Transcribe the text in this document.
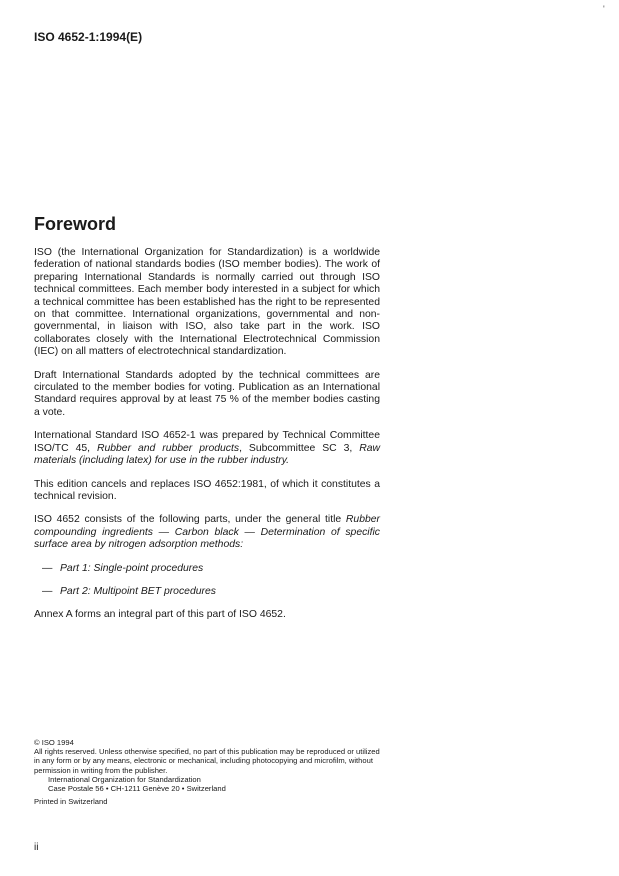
'
ISO 4652-1:1994(E)
Foreword

ISO (the International Organization for Standardization) is a worldwide federation of national standards bodies (ISO member bodies). The work of preparing International Standards is normally carried out through ISO technical committees. Each member body interested in a subject for which a technical committee has been established has the right to be represented on that committee. International organizations, governmental and non-governmental, in liaison with ISO, also take part in the work. ISO collaborates closely with the International Electrotechnical Commission (IEC) on all matters of electrotechnical standardization.

Draft International Standards adopted by the technical committees are circulated to the member bodies for voting. Publication as an International Standard requires approval by at least 75 % of the member bodies casting a vote.

International Standard ISO 4652-1 was prepared by Technical Committee ISO/TC 45, Rubber and rubber products, Subcommittee SC 3, Raw materials (including latex) for use in the rubber industry.

This edition cancels and replaces ISO 4652:1981, of which it constitutes a technical revision.

ISO 4652 consists of the following parts, under the general title Rubber compounding ingredients — Carbon black — Determination of specific surface area by nitrogen adsorption methods:

— Part 1: Single-point procedures
— Part 2: Multipoint BET procedures

Annex A forms an integral part of this part of ISO 4652.

© ISO 1994
All rights reserved. Unless otherwise specified, no part of this publication may be reproduced or utilized in any form or by any means, electronic or mechanical, including photocopying and microfilm, without permission in writing from the publisher.
International Organization for Standardization
Case Postale 56 • CH-1211 Genève 20 • Switzerland
Printed in Switzerland
ii
